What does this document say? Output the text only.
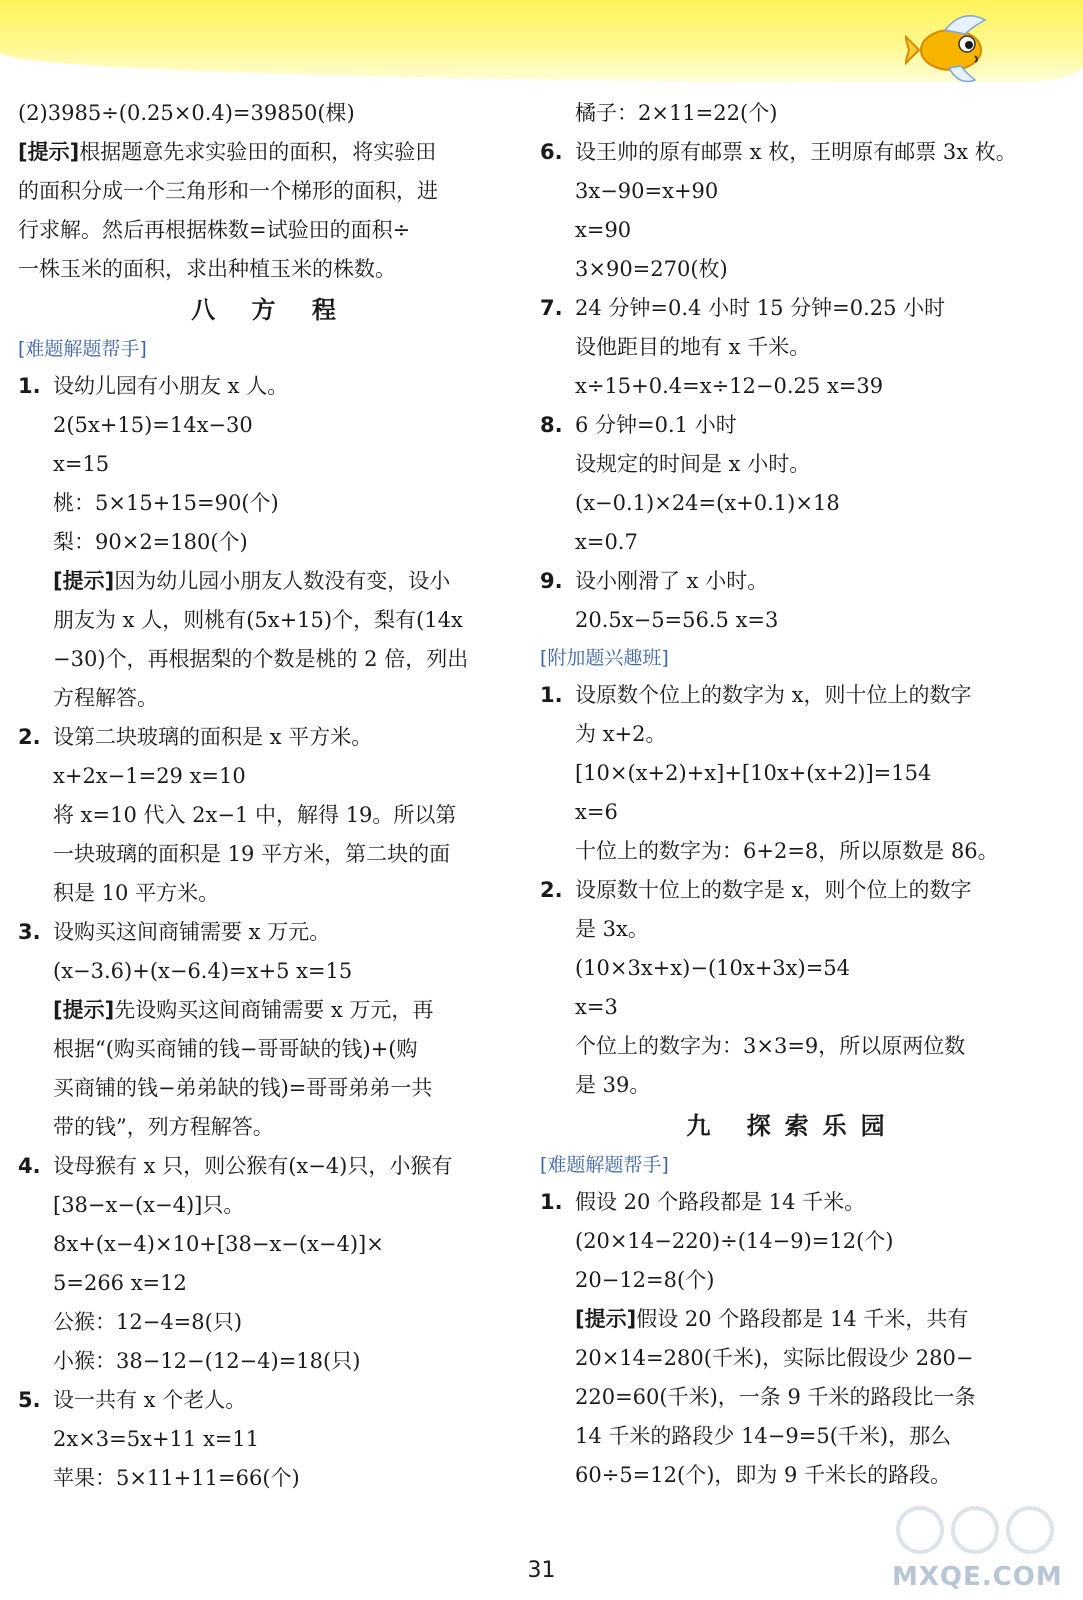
(2)3985÷(0.25×0.4)=39850(棵)
[提示]根据题意先求实验田的面积，将实验田
的面积分成一个三角形和一个梯形的面积，进
行求解。然后再根据株数=试验田的面积÷
一株玉米的面积，求出种植玉米的株数。
八 方 程
[难题解题帮手]
1. 设幼儿园有小朋友 x 人。
2(5x+15)=14x−30
x=15
桃：5×15+15=90(个)
梨：90×2=180(个)
[提示]因为幼儿园小朋友人数没有变，设小
朋友为 x 人，则桃有(5x+15)个，梨有(14x
−30)个，再根据梨的个数是桃的 2 倍，列出
方程解答。
2. 设第二块玻璃的面积是 x 平方米。
x+2x−1=29 x=10
将 x=10 代入 2x−1 中，解得 19。所以第
一块玻璃的面积是 19 平方米，第二块的面
积是 10 平方米。
3. 设购买这间商铺需要 x 万元。
(x−3.6)+(x−6.4)=x+5 x=15
[提示]先设购买这间商铺需要 x 万元，再
根据“(购买商铺的钱−哥哥缺的钱)+(购
买商铺的钱−弟弟缺的钱)=哥哥弟弟一共
带的钱”，列方程解答。
4. 设母猴有 x 只，则公猴有(x−4)只，小猴有
[38−x−(x−4)]只。
8x+(x−4)×10+[38−x−(x−4)]×
5=266 x=12
公猴：12−4=8(只)
小猴：38−12−(12−4)=18(只)
5. 设一共有 x 个老人。
2x×3=5x+11 x=11
苹果：5×11+11=66(个)
橘子：2×11=22(个)
6. 设王帅的原有邮票 x 枚，王明原有邮票 3x 枚。
3x−90=x+90
x=90
3×90=270(枚)
7. 24 分钟=0.4 小时 15 分钟=0.25 小时
设他距目的地有 x 千米。
x÷15+0.4=x÷12−0.25 x=39
8. 6 分钟=0.1 小时
设规定的时间是 x 小时。
(x−0.1)×24=(x+0.1)×18
x=0.7
9. 设小刚滑了 x 小时。
20.5x−5=56.5 x=3
[附加题兴趣班]
1. 设原数个位上的数字为 x，则十位上的数字
为 x+2。
[10×(x+2)+x]+[10x+(x+2)]=154
x=6
十位上的数字为：6+2=8，所以原数是 86。
2. 设原数十位上的数字是 x，则个位上的数字
是 3x。
(10×3x+x)−(10x+3x)=54
x=3
个位上的数字为：3×3=9，所以原两位数
是 39。
九 探索乐园
[难题解题帮手]
1. 假设 20 个路段都是 14 千米。
(20×14−220)÷(14−9)=12(个)
20−12=8(个)
[提示]假设 20 个路段都是 14 千米，共有
20×14=280(千米)，实际比假设少 280−
220=60(千米)，一条 9 千米的路段比一条
14 千米的路段少 14−9=5(千米)，那么
60÷5=12(个)，即为 9 千米长的路段。
31	MXQE.COM
